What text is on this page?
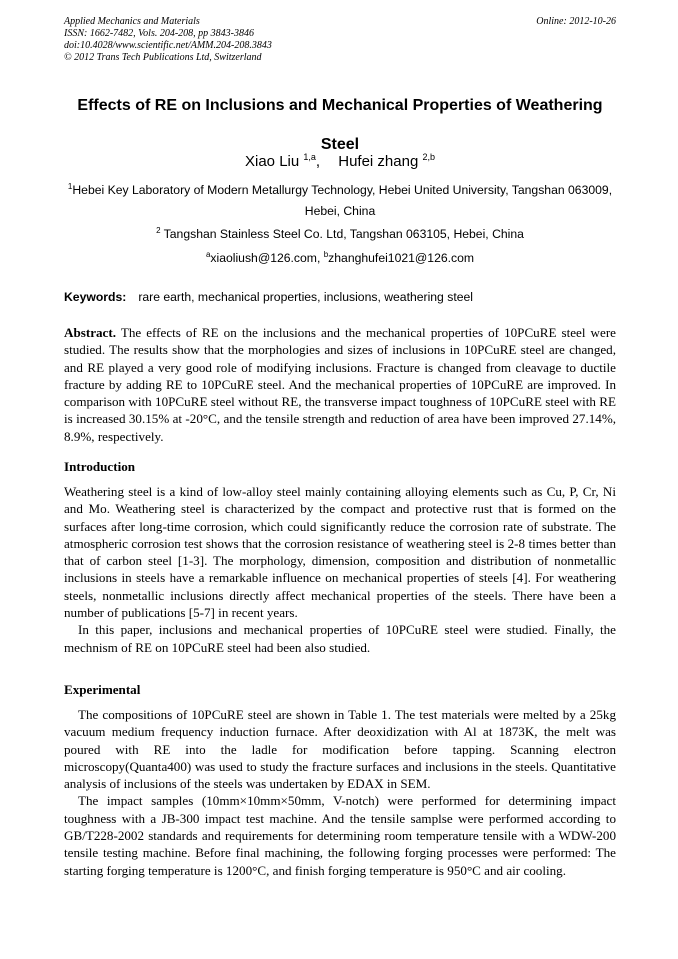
Applied Mechanics and Materials
ISSN: 1662-7482, Vols. 204-208, pp 3843-3846
doi:10.4028/www.scientific.net/AMM.204-208.3843
© 2012 Trans Tech Publications Ltd, Switzerland
Online: 2012-10-26
Effects of RE on Inclusions and Mechanical Properties of Weathering Steel
Xiao Liu $^{1,a}$, Hufei zhang $^{2,b}$
$^1$Hebei Key Laboratory of Modern Metallurgy Technology, Hebei United University, Tangshan 063009, Hebei, China
$^2$ Tangshan Stainless Steel Co. Ltd, Tangshan 063105, Hebei, China
$^a$xiaoliush@126.com, $^b$zhanghufei1021@126.com
Keywords: rare earth, mechanical properties, inclusions, weathering steel

Abstract. The effects of RE on the inclusions and the mechanical properties of 10PCuRE steel were studied. The results show that the morphologies and sizes of inclusions in 10PCuRE steel are changed, and RE played a very good role of modifying inclusions. Fracture is changed from cleavage to ductile fracture by adding RE to 10PCuRE steel. And the mechanical properties of 10PCuRE are improved. In comparison with 10PCuRE steel without RE, the transverse impact toughness of 10PCuRE steel with RE is increased 30.15% at -20°C, and the tensile strength and reduction of area have been improved 27.14%, 8.9%, respectively.

Introduction

Weathering steel is a kind of low-alloy steel mainly containing alloying elements such as Cu, P, Cr, Ni and Mo. Weathering steel is characterized by the compact and protective rust that is formed on the surfaces after long-time corrosion, which could significantly reduce the corrosion rate of substrate. The atmospheric corrosion test shows that the corrosion resistance of weathering steel is 2-8 times better than that of carbon steel [1-3]. The morphology, dimension, composition and distribution of nonmetallic inclusions in steels have a remarkable influence on mechanical properties of steels [4]. For weathering steels, nonmetallic inclusions directly affect mechanical properties of the steels. There have been a number of publications [5-7] in recent years.

In this paper, inclusions and mechanical properties of 10PCuRE steel were studied. Finally, the mechnism of RE on 10PCuRE steel had been also studied.

Experimental

The compositions of 10PCuRE steel are shown in Table 1. The test materials were melted by a 25kg vacuum medium frequency induction furnace. After deoxidization with Al at 1873K, the melt was poured with RE into the ladle for modification before tapping. Scanning electron microscopy(Quanta400) was used to study the fracture surfaces and inclusions in the steels. Quantitative analysis of inclusions of the steels was undertaken by EDAX in SEM.

The impact samples (10mm×10mm×50mm, V-notch) were performed for determining impact toughness with a JB-300 impact test machine. And the tensile samplse were performed according to GB/T228-2002 standards and requirements for determining room temperature tensile with a WDW-200 tensile testing machine. Before final machining, the following forging processes were performed: The starting forging temperature is 1200°C, and finish forging temperature is 950°C and air cooling.
